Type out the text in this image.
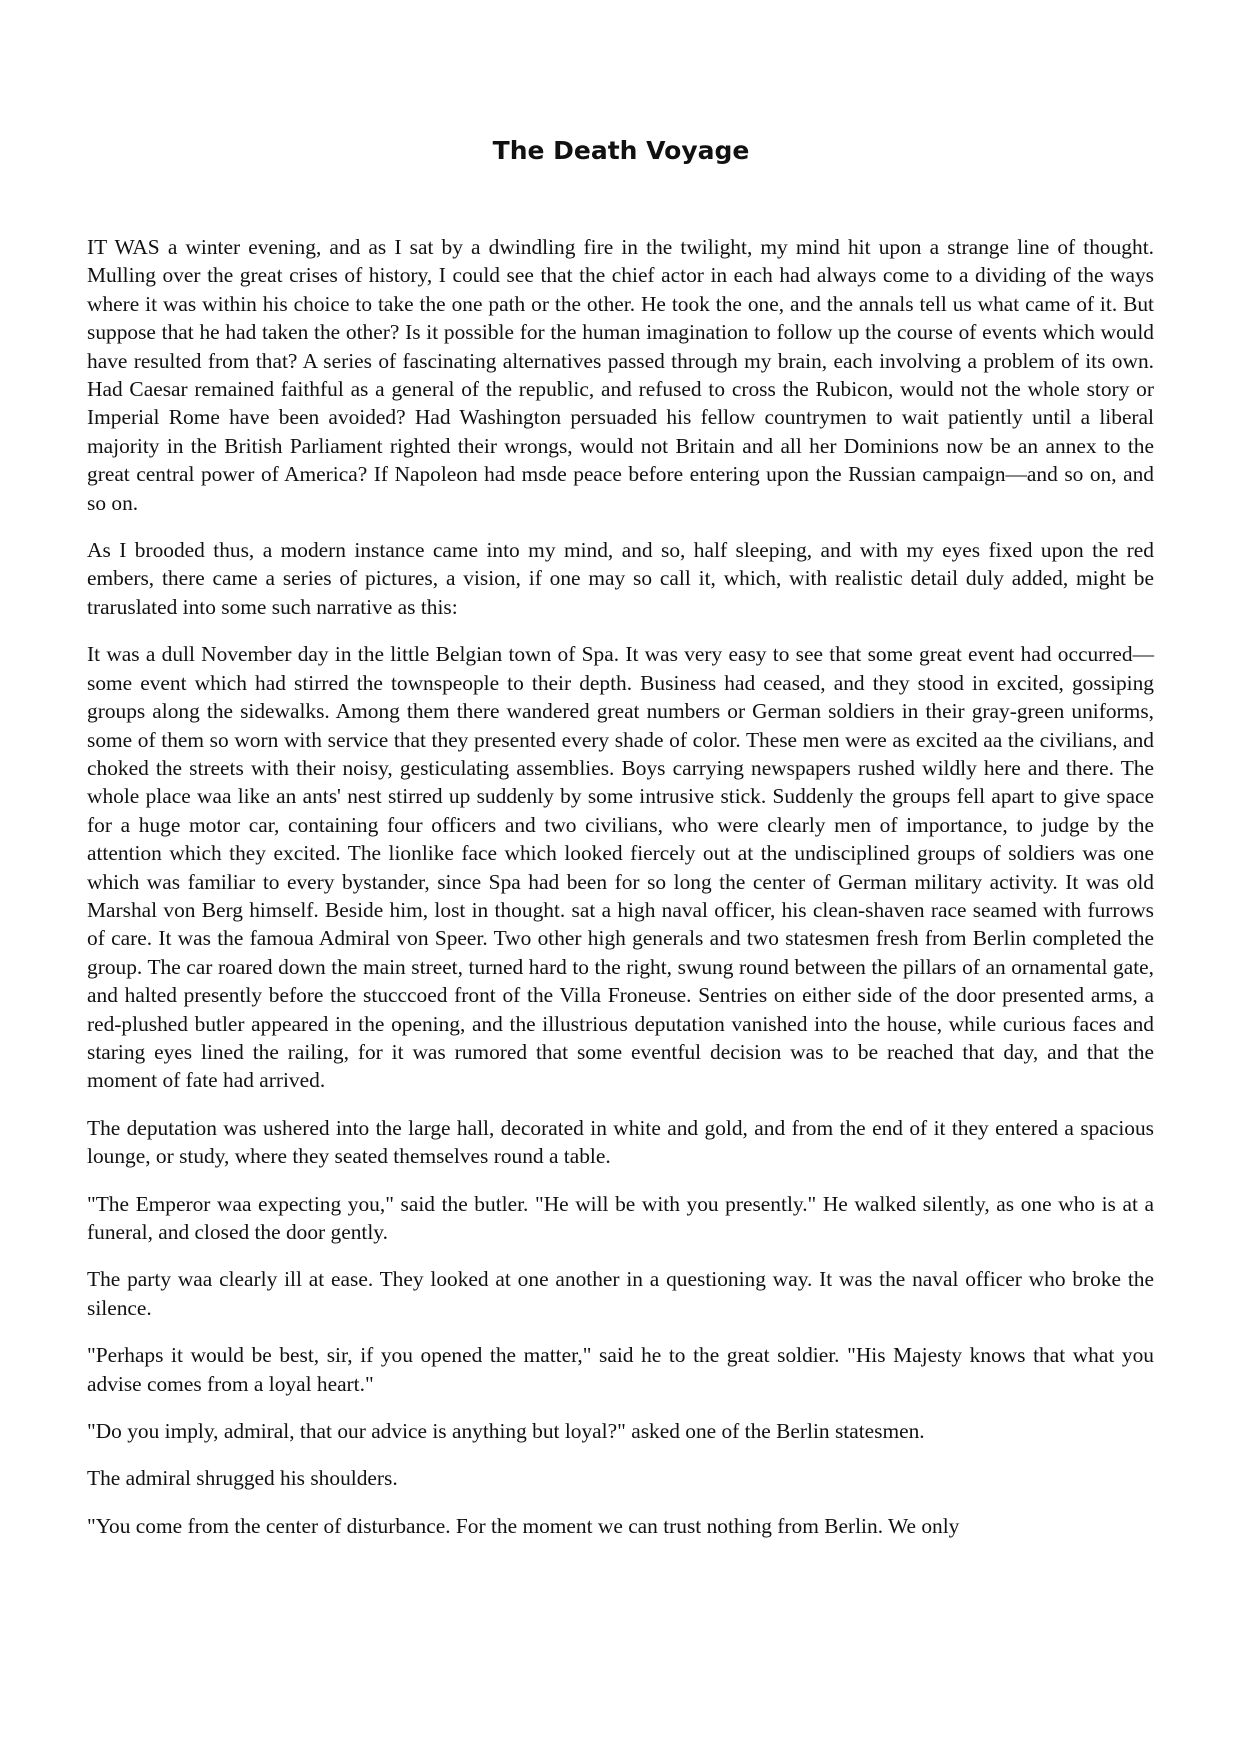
The Death Voyage

IT WAS a winter evening, and as I sat by a dwindling fire in the twilight, my mind hit upon a strange line of thought. Mulling over the great crises of history, I could see that the chief actor in each had always come to a dividing of the ways where it was within his choice to take the one path or the other. He took the one, and the annals tell us what came of it. But suppose that he had taken the other? Is it possible for the human imagination to follow up the course of events which would have resulted from that? A series of fascinating alternatives passed through my brain, each involving a problem of its own. Had Caesar remained faithful as a general of the republic, and refused to cross the Rubicon, would not the whole story or Imperial Rome have been avoided? Had Washington persuaded his fellow countrymen to wait patiently until a liberal majority in the British Parliament righted their wrongs, would not Britain and all her Dominions now be an annex to the great central power of America? If Napoleon had msde peace before entering upon the Russian campaign—and so on, and so on.

As I brooded thus, a modern instance came into my mind, and so, half sleeping, and with my eyes fixed upon the red embers, there came a series of pictures, a vision, if one may so call it, which, with realistic detail duly added, might be traruslated into some such narrative as this:

It was a dull November day in the little Belgian town of Spa. It was very easy to see that some great event had occurred—some event which had stirred the townspeople to their depth. Business had ceased, and they stood in excited, gossiping groups along the sidewalks. Among them there wandered great numbers or German soldiers in their gray-green uniforms, some of them so worn with service that they presented every shade of color. These men were as excited aa the civilians, and choked the streets with their noisy, gesticulating assemblies. Boys carrying newspapers rushed wildly here and there. The whole place waa like an ants' nest stirred up suddenly by some intrusive stick. Suddenly the groups fell apart to give space for a huge motor car, containing four officers and two civilians, who were clearly men of importance, to judge by the attention which they excited. The lionlike face which looked fiercely out at the undisciplined groups of soldiers was one which was familiar to every bystander, since Spa had been for so long the center of German military activity. It was old Marshal von Berg himself. Beside him, lost in thought. sat a high naval officer, his clean-shaven race seamed with furrows of care. It was the famoua Admiral von Speer. Two other high generals and two statesmen fresh from Berlin completed the group. The car roared down the main street, turned hard to the right, swung round between the pillars of an ornamental gate, and halted presently before the stucccoed front of the Villa Froneuse. Sentries on either side of the door presented arms, a red-plushed butler appeared in the opening, and the illustrious deputation vanished into the house, while curious faces and staring eyes lined the railing, for it was rumored that some eventful decision was to be reached that day, and that the moment of fate had arrived.

The deputation was ushered into the large hall, decorated in white and gold, and from the end of it they entered a spacious lounge, or study, where they seated themselves round a table.

"The Emperor waa expecting you," said the butler. "He will be with you presently." He walked silently, as one who is at a funeral, and closed the door gently.

The party waa clearly ill at ease. They looked at one another in a questioning way. It was the naval officer who broke the silence.

"Perhaps it would be best, sir, if you opened the matter," said he to the great soldier. "His Majesty knows that what you advise comes from a loyal heart."

"Do you imply, admiral, that our advice is anything but loyal?" asked one of the Berlin statesmen.

The admiral shrugged his shoulders.

"You come from the center of disturbance. For the moment we can trust nothing from Berlin. We only
